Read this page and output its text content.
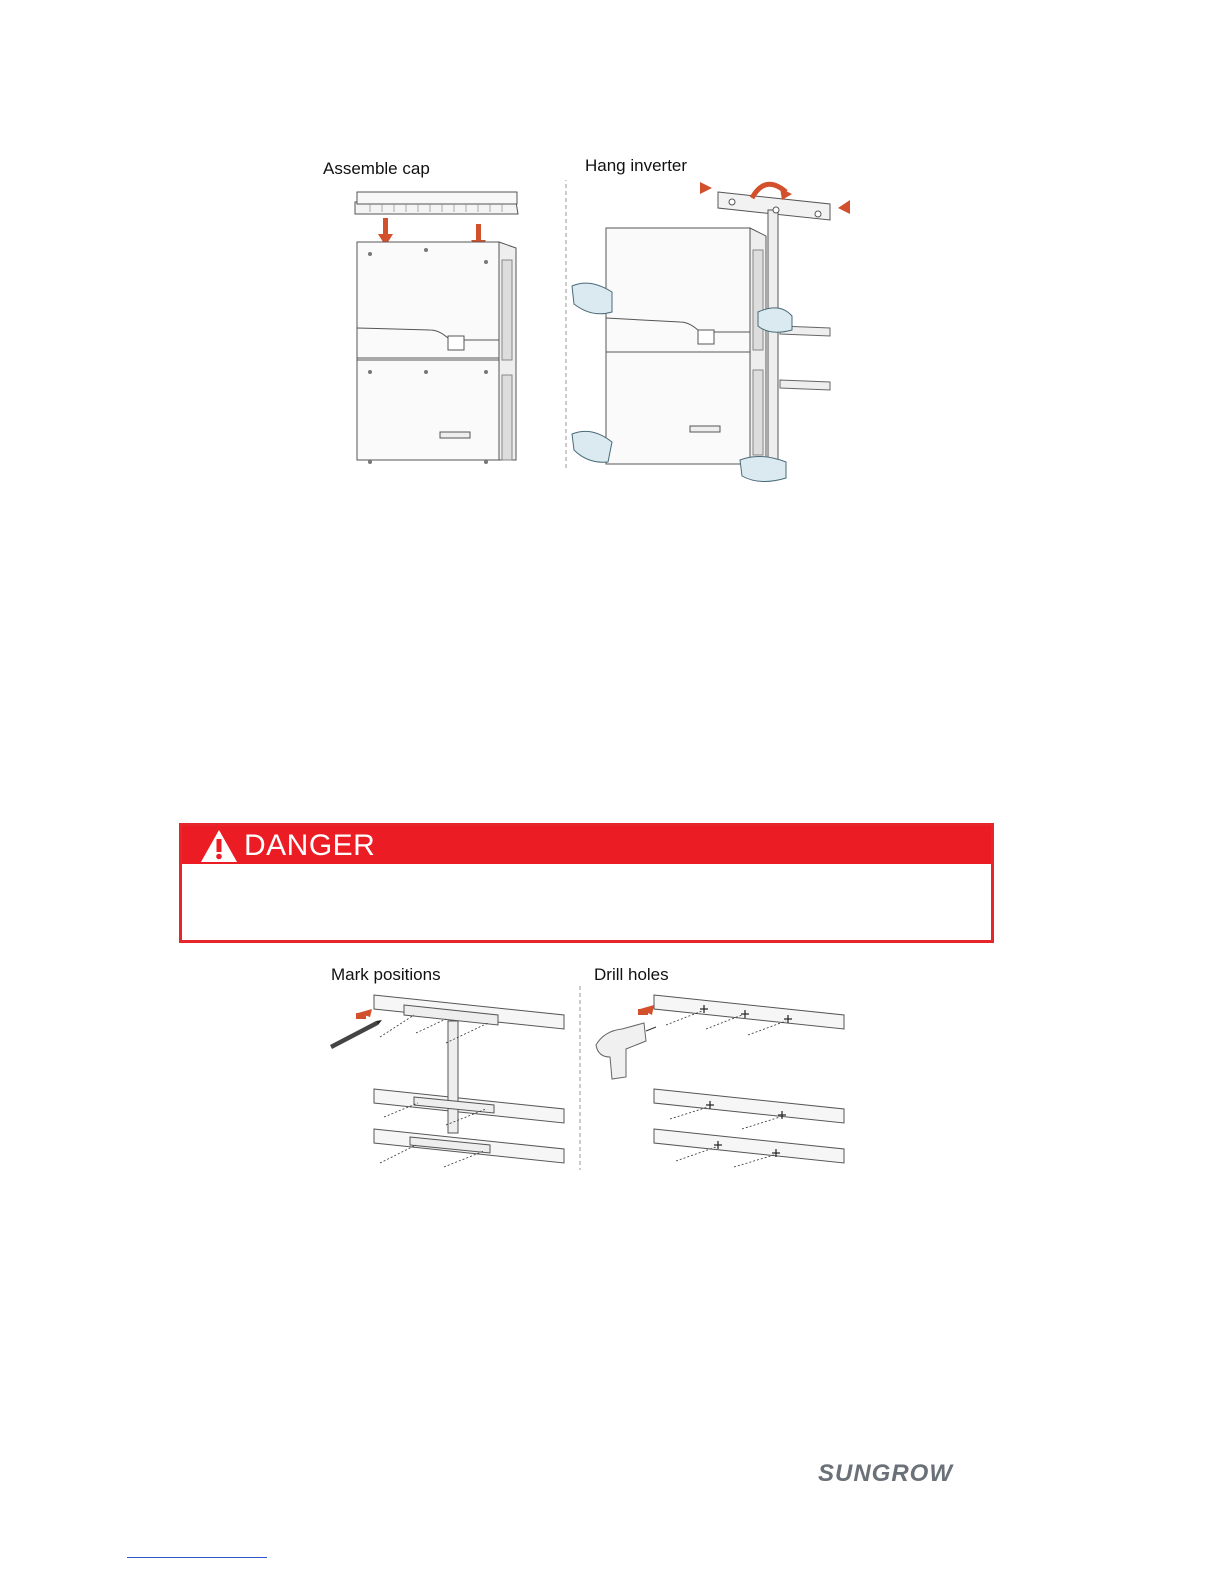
Assemble cap	Hang inverter
DANGER
Mark positions	Drill holes
SUNGROW
